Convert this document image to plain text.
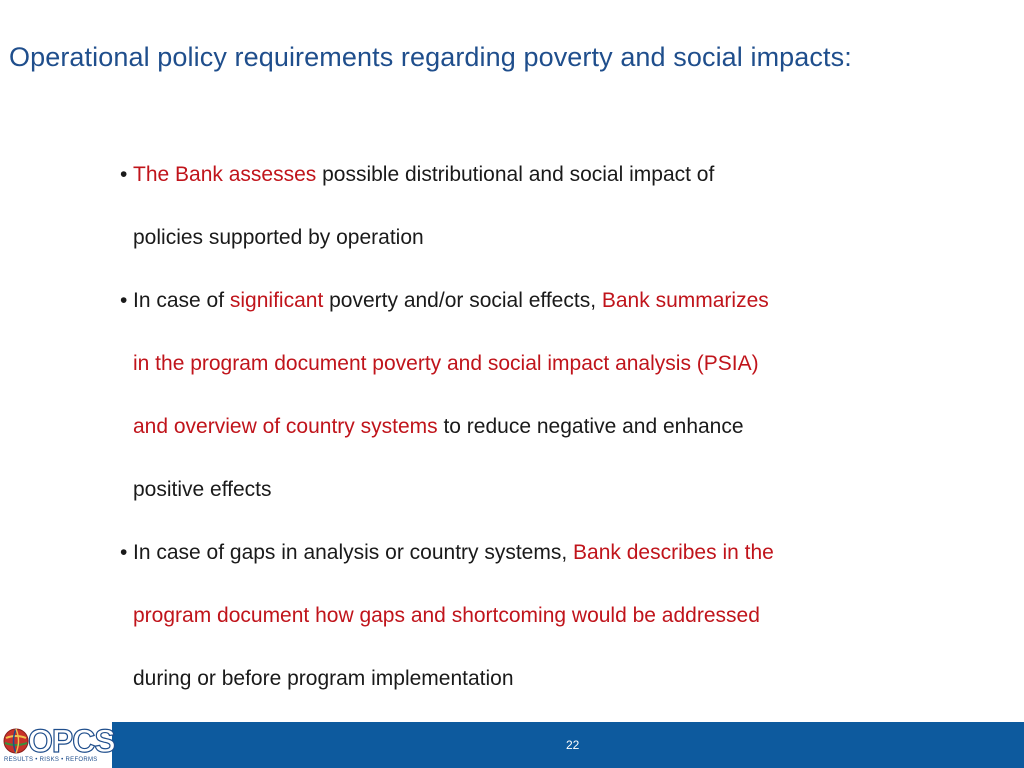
Operational policy requirements regarding poverty and social impacts:
• The Bank assesses possible distributional and social impact of
policies supported by operation
• In case of significant poverty and/or social effects, Bank summarizes
in the program document poverty and social impact analysis (PSIA)
and overview of country systems to reduce negative and enhance
positive effects
• In case of gaps in analysis or country systems, Bank describes in the
program document how gaps and shortcoming would be addressed
during or before program implementation
OPCS
RESULTS • RISKS • REFORMS
22
